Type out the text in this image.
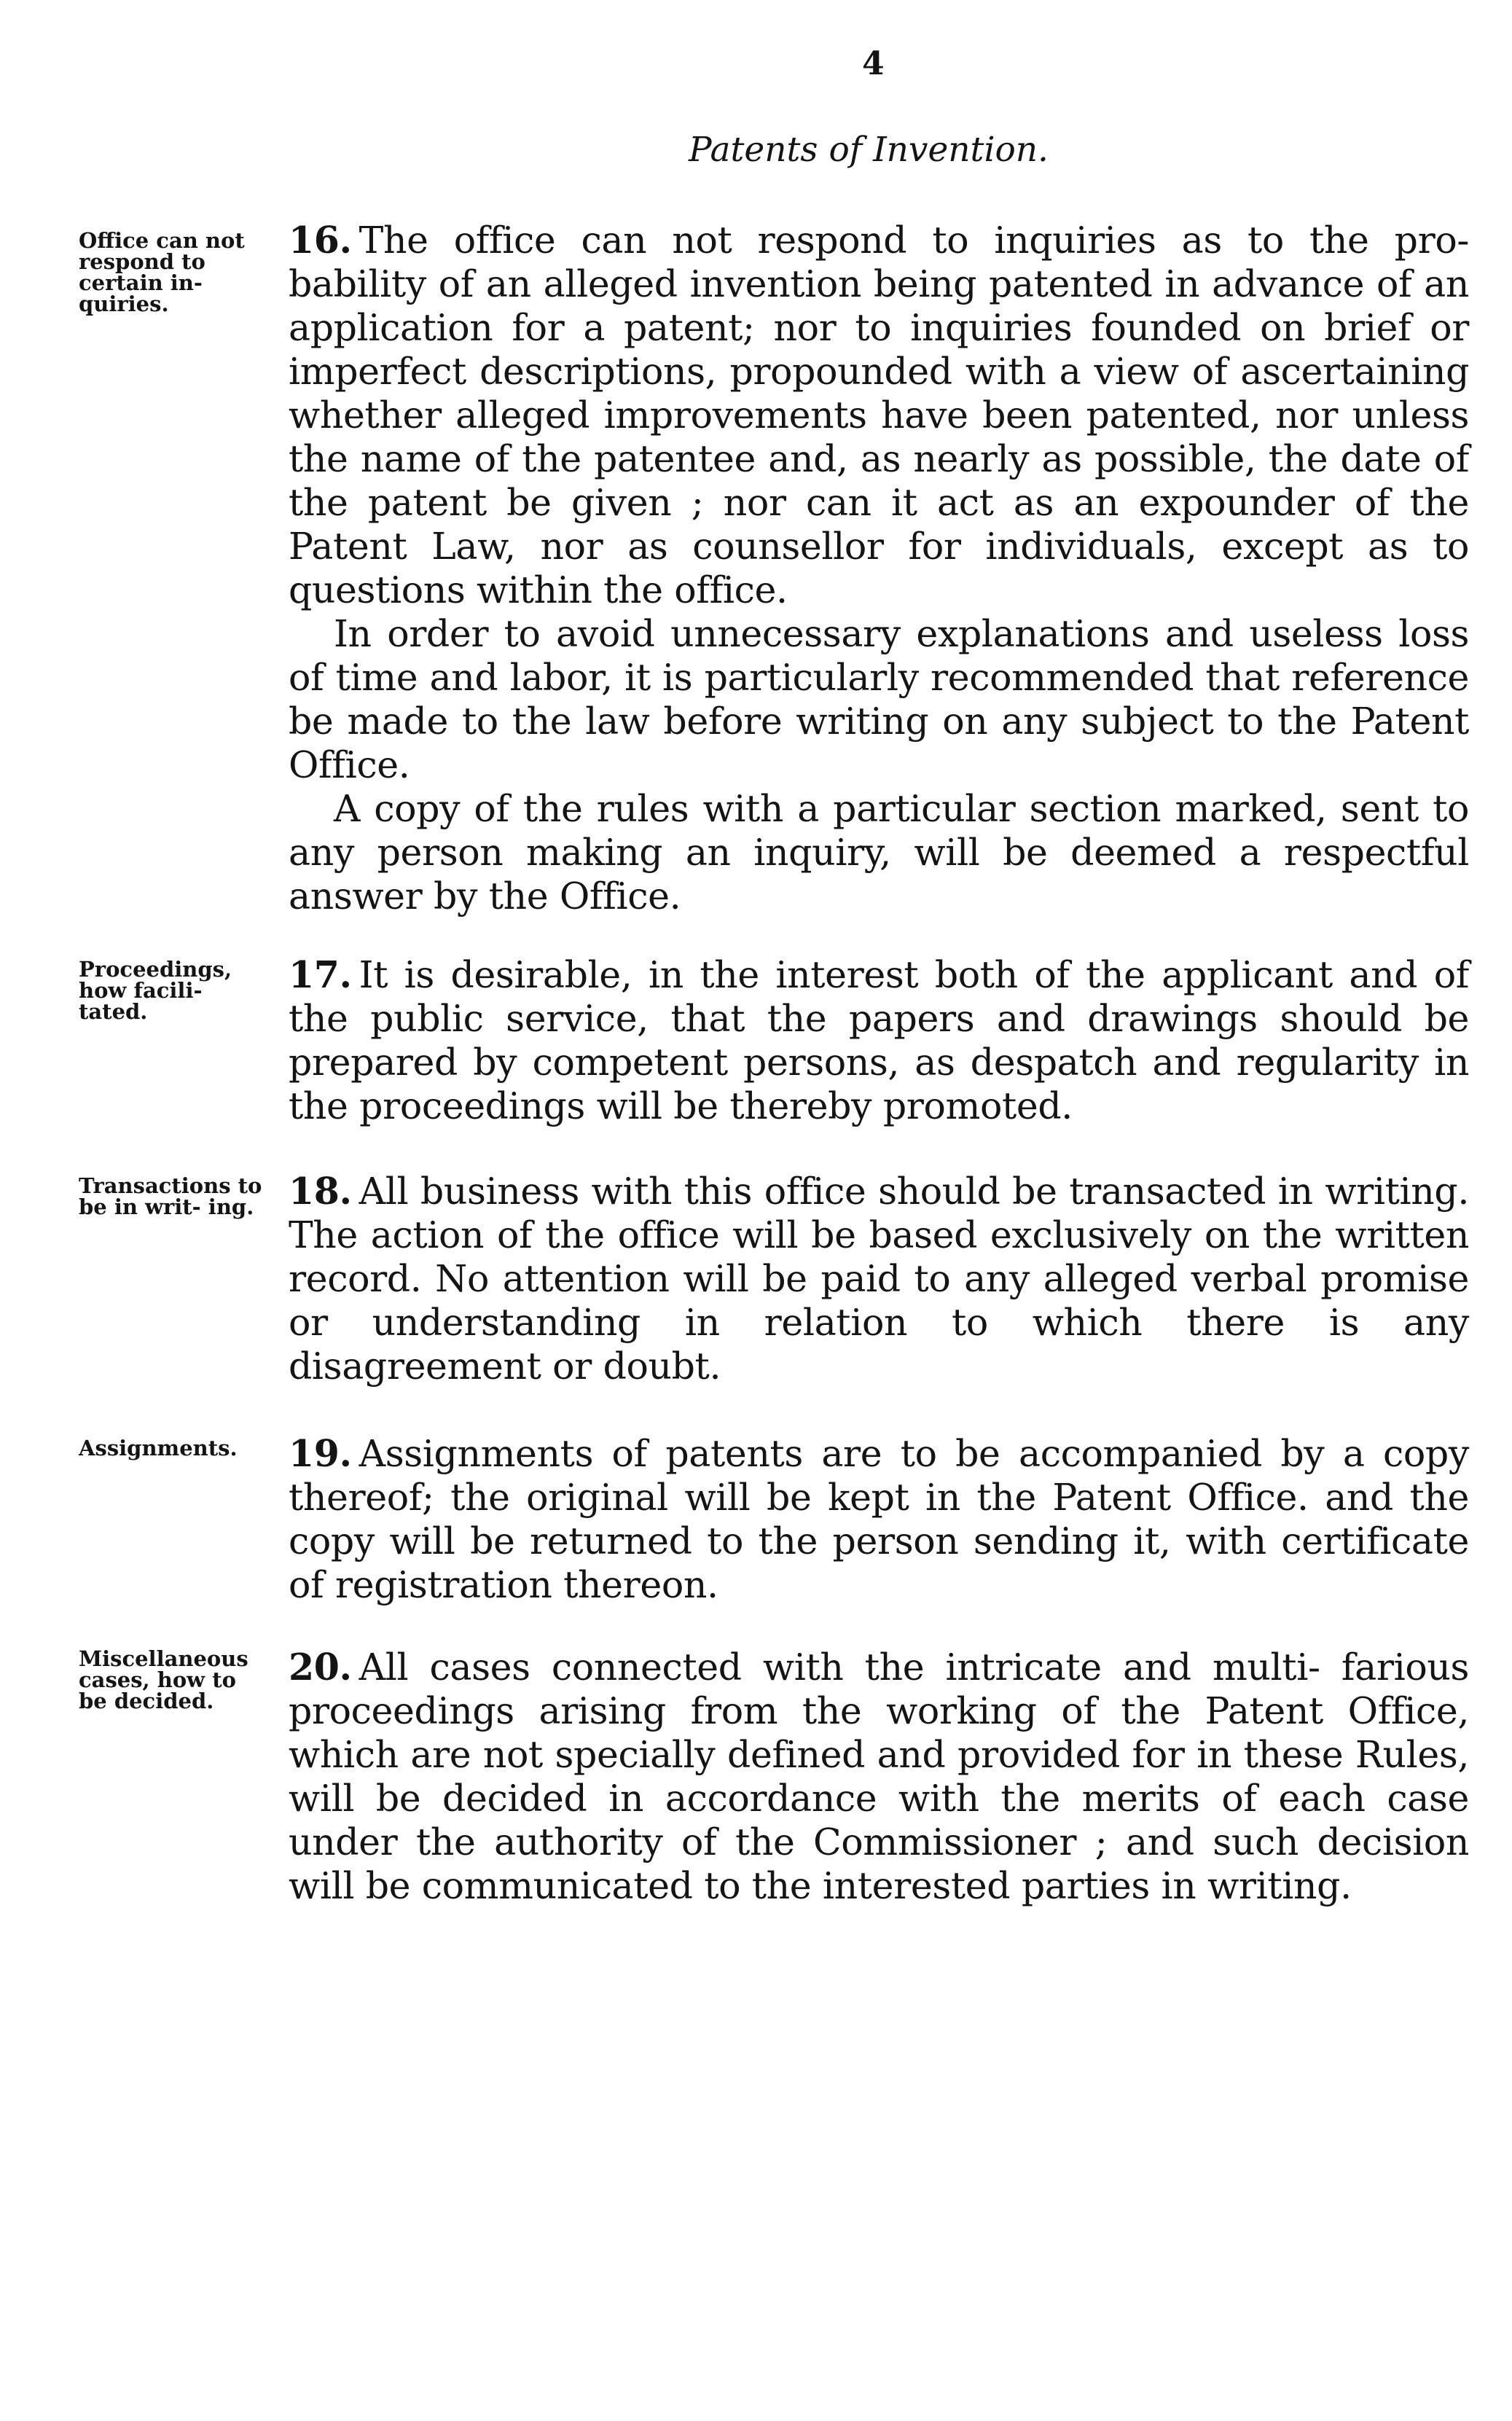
4
Patents of Invention.
Office can not respond to certain in- quiries.

16. The office can not respond to inquiries as to the pro- bability of an alleged invention being patented in advance of an application for a patent; nor to inquiries founded on brief or imperfect descriptions, propounded with a view of ascertaining whether alleged improvements have been patented, nor unless the name of the patentee and, as nearly as possible, the date of the patent be given ; nor can it act as an expounder of the Patent Law, nor as counsellor for individuals, except as to questions within the office.

In order to avoid unnecessary explanations and useless loss of time and labor, it is particularly recommended that reference be made to the law before writing on any subject to the Patent Office.

A copy of the rules with a particular section marked, sent to any person making an inquiry, will be deemed a respectful answer by the Office.

Proceedings, how facili- tated.

17. It is desirable, in the interest both of the applicant and of the public service, that the papers and drawings should be prepared by competent persons, as despatch and regularity in the proceedings will be thereby promoted.

Transactions to be in writ- ing. 18. All business with this office should be transacted in writing. The action of the office will be based exclusively on the written record. No attention will be paid to any alleged verbal promise or understanding in relation to which there is any disagreement or doubt.

Assignments.	19. Assignments of patents are to be accompanied by a copy thereof; the original will be kept in the Patent Office. and the copy will be returned to the person sending it, with certificate of registration thereon.

Miscellaneous cases, how to be decided.

20. All cases connected with the intricate and multi- farious proceedings arising from the working of the Patent Office, which are not specially defined and provided for in these Rules, will be decided in accordance with the merits of each case under the authority of the Commissioner ; and such decision will be communicated to the interested parties in writing.
